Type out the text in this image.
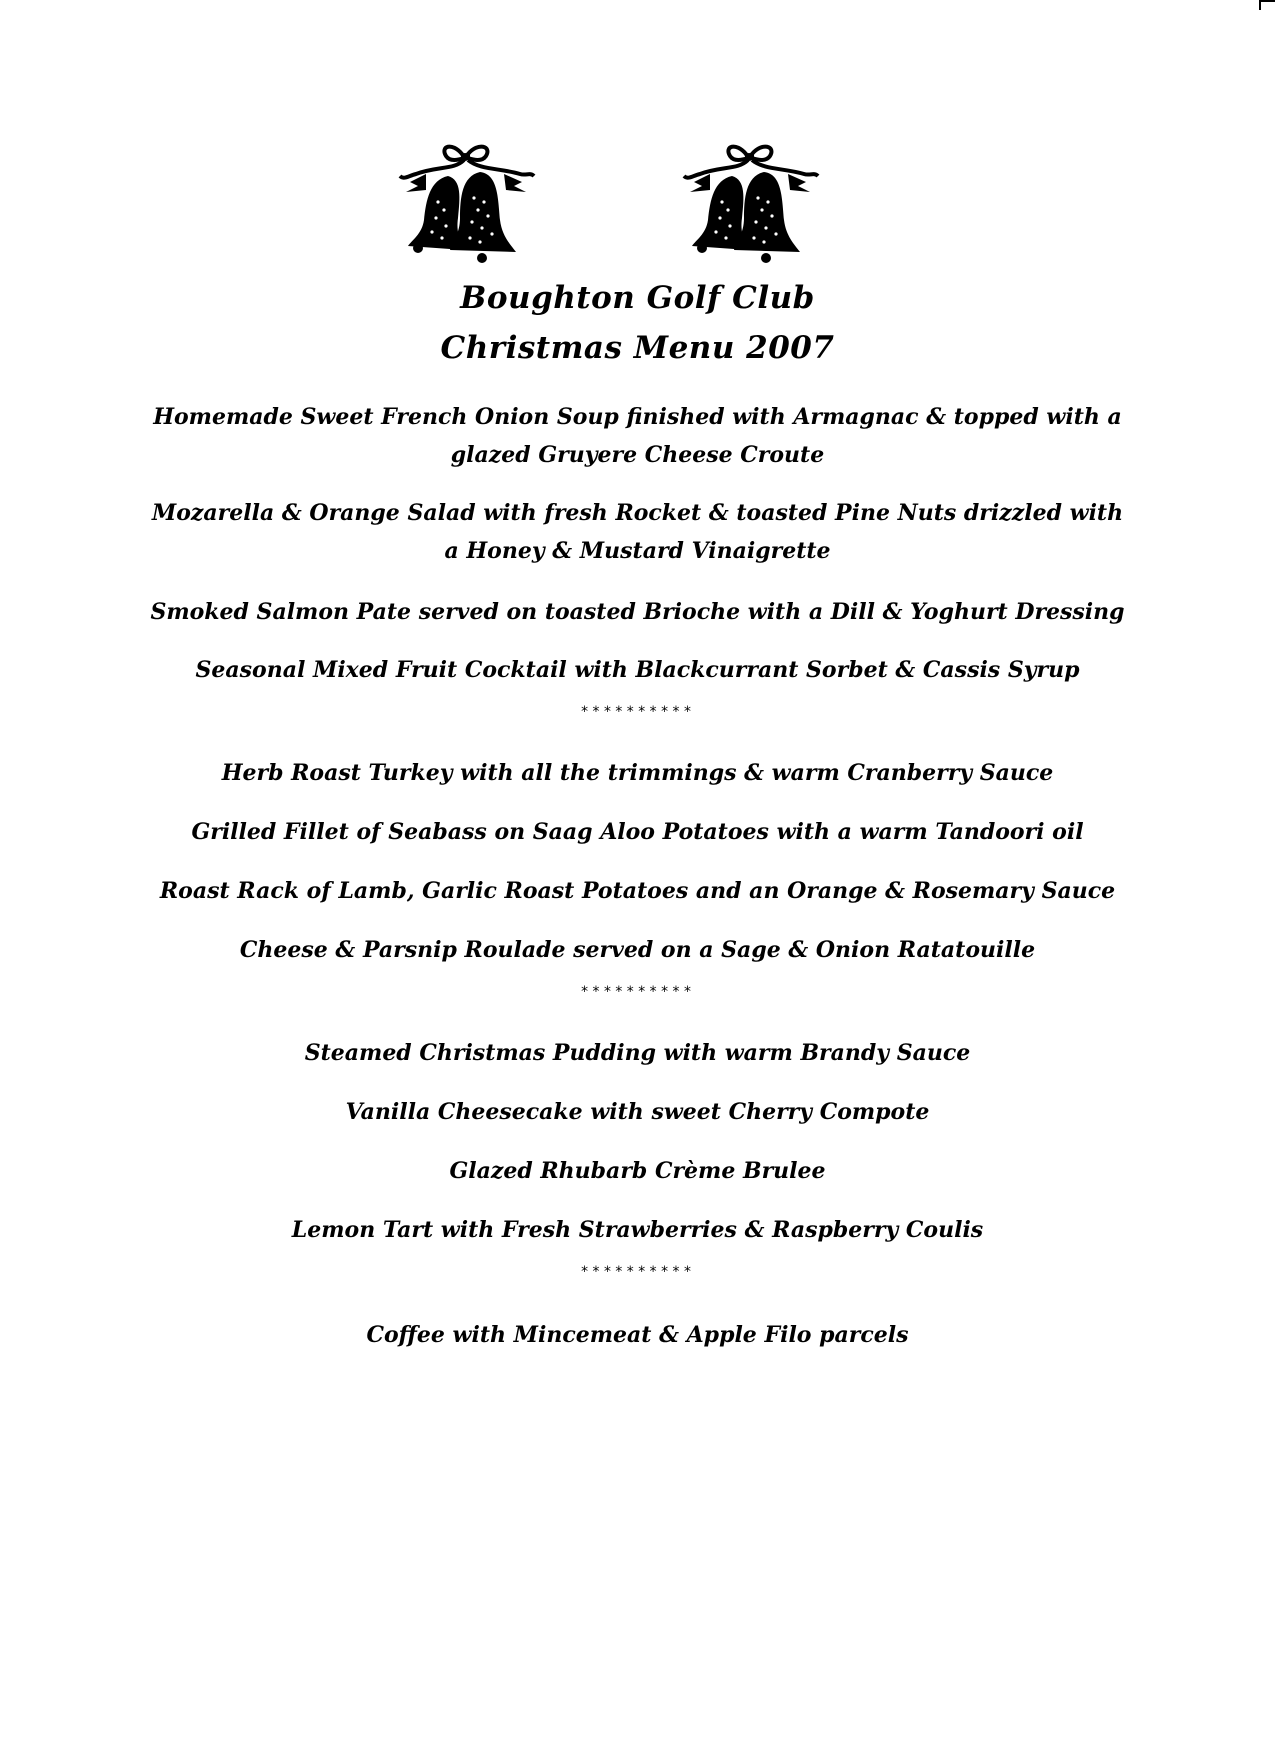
Boughton Golf Club
Christmas Menu 2007
Homemade Sweet French Onion Soup finished with Armagnac & topped with a glazed Gruyere Cheese Croute
Mozarella & Orange Salad with fresh Rocket & toasted Pine Nuts drizzled with a Honey & Mustard Vinaigrette
Smoked Salmon Pate served on toasted Brioche with a Dill & Yoghurt Dressing
Seasonal Mixed Fruit Cocktail with Blackcurrant Sorbet & Cassis Syrup
**********
Herb Roast Turkey with all the trimmings & warm Cranberry Sauce
Grilled Fillet of Seabass on Saag Aloo Potatoes with a warm Tandoori oil
Roast Rack of Lamb, Garlic Roast Potatoes and an Orange & Rosemary Sauce
Cheese & Parsnip Roulade served on a Sage & Onion Ratatouille
**********
Steamed Christmas Pudding with warm Brandy Sauce
Vanilla Cheesecake with sweet Cherry Compote
Glazed Rhubarb Crème Brulee
Lemon Tart with Fresh Strawberries & Raspberry Coulis
**********
Coffee with Mincemeat & Apple Filo parcels
